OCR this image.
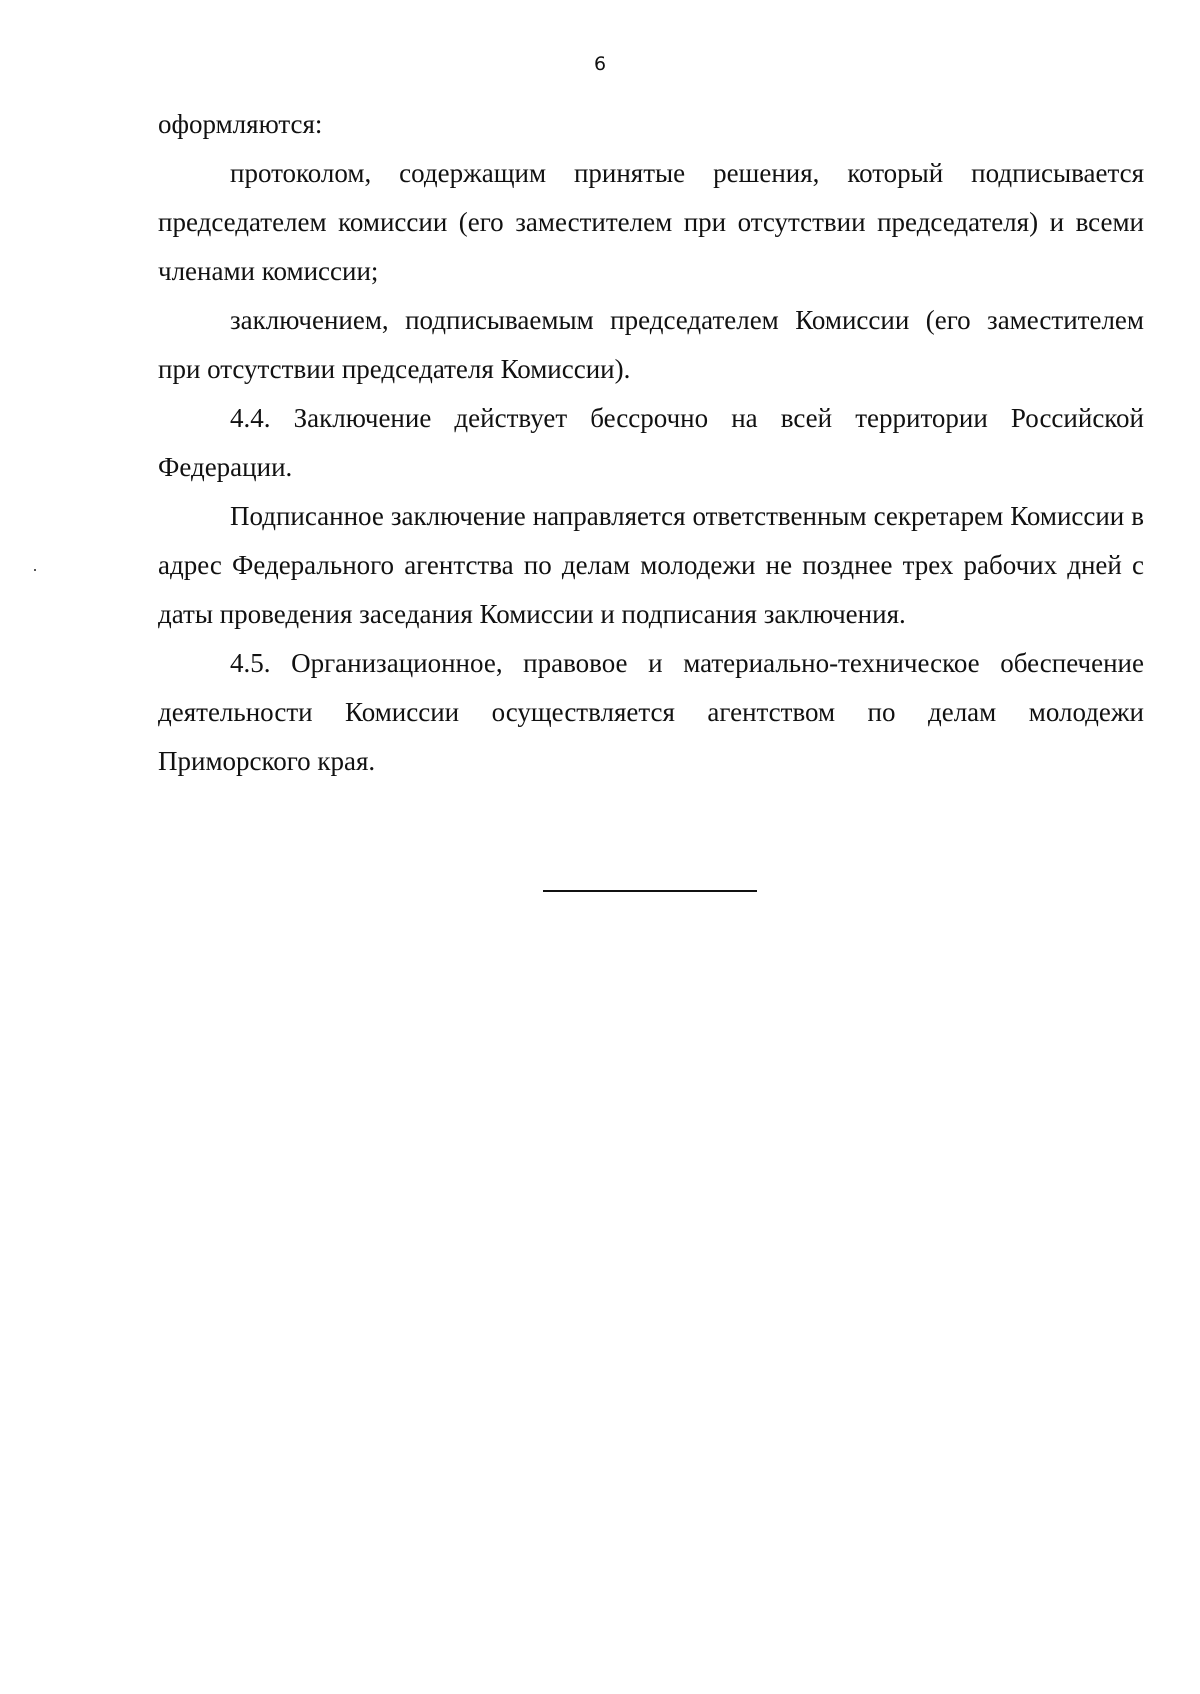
6

оформляются:

протоколом, содержащим принятые решения, который подписывается председателем комиссии (его заместителем при отсутствии председателя) и всеми членами комиссии;

заключением, подписываемым председателем Комиссии (его заместителем при отсутствии председателя Комиссии).

4.4. Заключение действует бессрочно на всей территории Российской Федерации.

Подписанное заключение направляется ответственным секретарем Комиссии в адрес Федерального агентства по делам молодежи не позднее трех рабочих дней с даты проведения заседания Комиссии и подписания заключения.

4.5. Организационное, правовое и материально-техническое обеспечение деятельности Комиссии осуществляется агентством по делам молодежи Приморского края.
